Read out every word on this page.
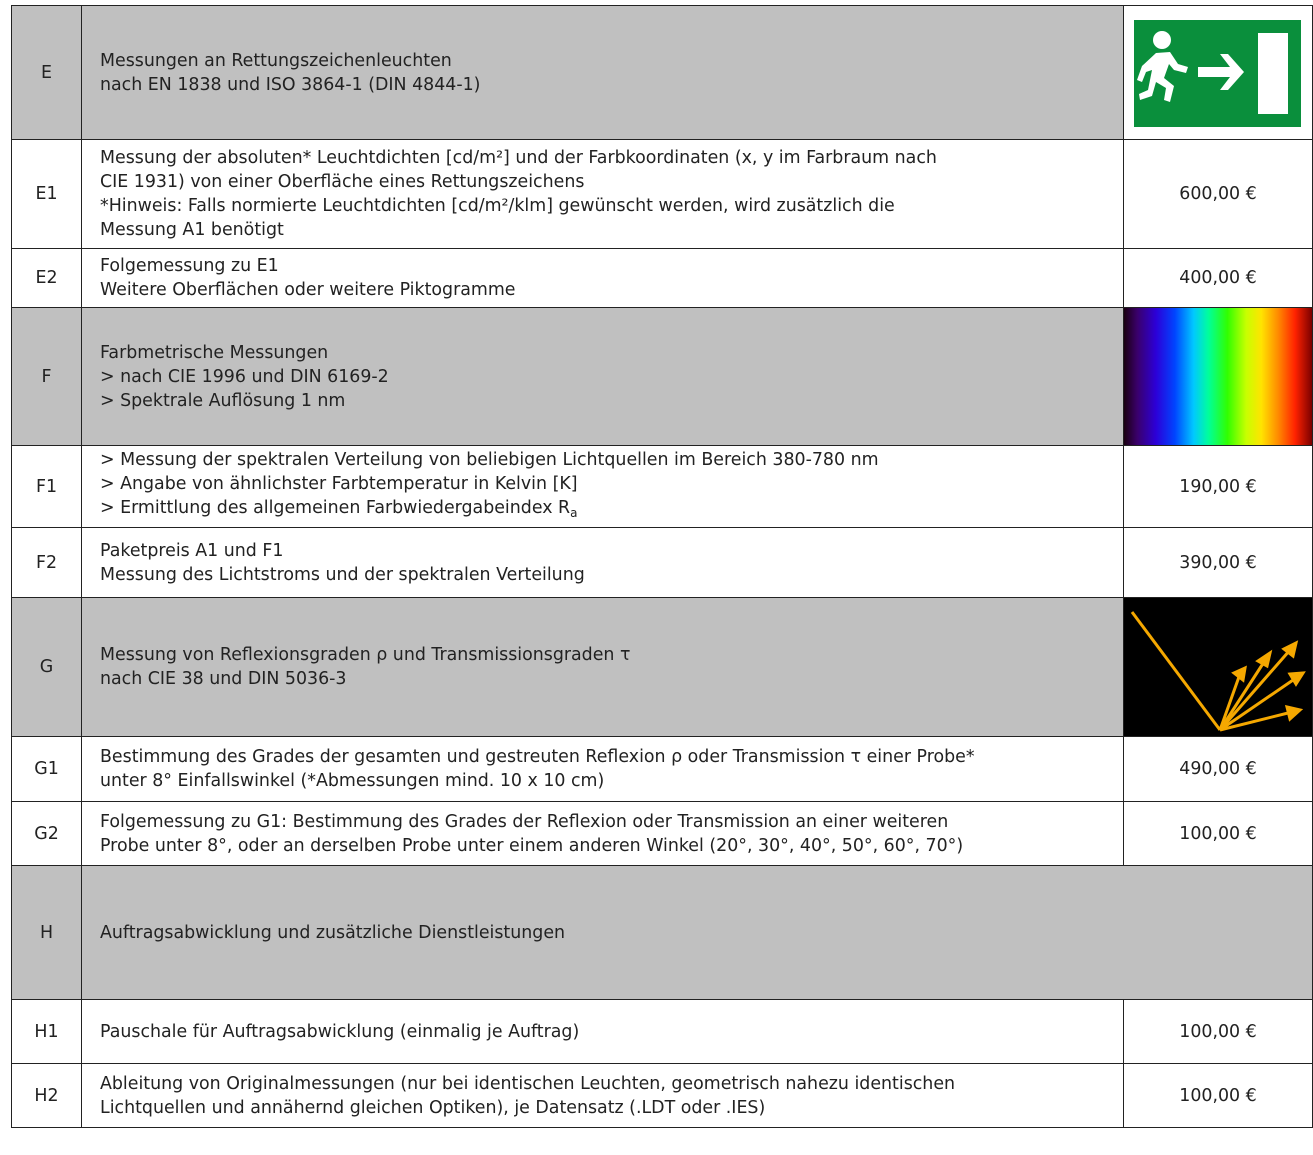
E	Messungen an Rettungszeichenleuchten
nach EN 1838 und ISO 3864-1 (DIN 4844-1)

E1	Messung der absoluten* Leuchtdichten [cd/m²] und der Farbkoordinaten (x, y im Farbraum nach
CIE 1931) von einer Oberfläche eines Rettungszeichens
*Hinweis: Falls normierte Leuchtdichten [cd/m²/klm] gewünscht werden, wird zusätzlich die
Messung A1 benötigt	600,00 €
E2	Folgemessung zu E1
Weitere Oberflächen oder weitere Piktogramme	400,00 €
F	Farbmetrische Messungen
> nach CIE 1996 und DIN 6169-2
> Spektrale Auflösung 1 nm	

F1	> Messung der spektralen Verteilung von beliebigen Lichtquellen im Bereich 380-780 nm
> Angabe von ähnlichster Farbtemperatur in Kelvin [K]
> Ermittlung des allgemeinen Farbwiedergabeindex $R_a$	190,00 €
F2	Paketpreis A1 und F1
Messung des Lichtstroms und der spektralen Verteilung	390,00 €
G	Messung von Reflexionsgraden ρ und Transmissionsgraden τ
nach CIE 38 und DIN 5036-3

G1	Bestimmung des Grades der gesamten und gestreuten Reflexion ρ oder Transmission τ einer Probe*
unter 8° Einfallswinkel (*Abmessungen mind. 10 x 10 cm)	490,00 €
G2	Folgemessung zu G1: Bestimmung des Grades der Reflexion oder Transmission an einer weiteren
Probe unter 8°, oder an derselben Probe unter einem anderen Winkel (20°, 30°, 40°, 50°, 60°, 70°)	100,00 €
H	Auftragsabwicklung und zusätzliche Dienstleistungen	

H1	Pauschale für Auftragsabwicklung (einmalig je Auftrag)	100,00 €
H2	Ableitung von Originalmessungen (nur bei identischen Leuchten, geometrisch nahezu identischen
Lichtquellen und annähernd gleichen Optiken), je Datensatz (.LDT oder .IES)	100,00 €
